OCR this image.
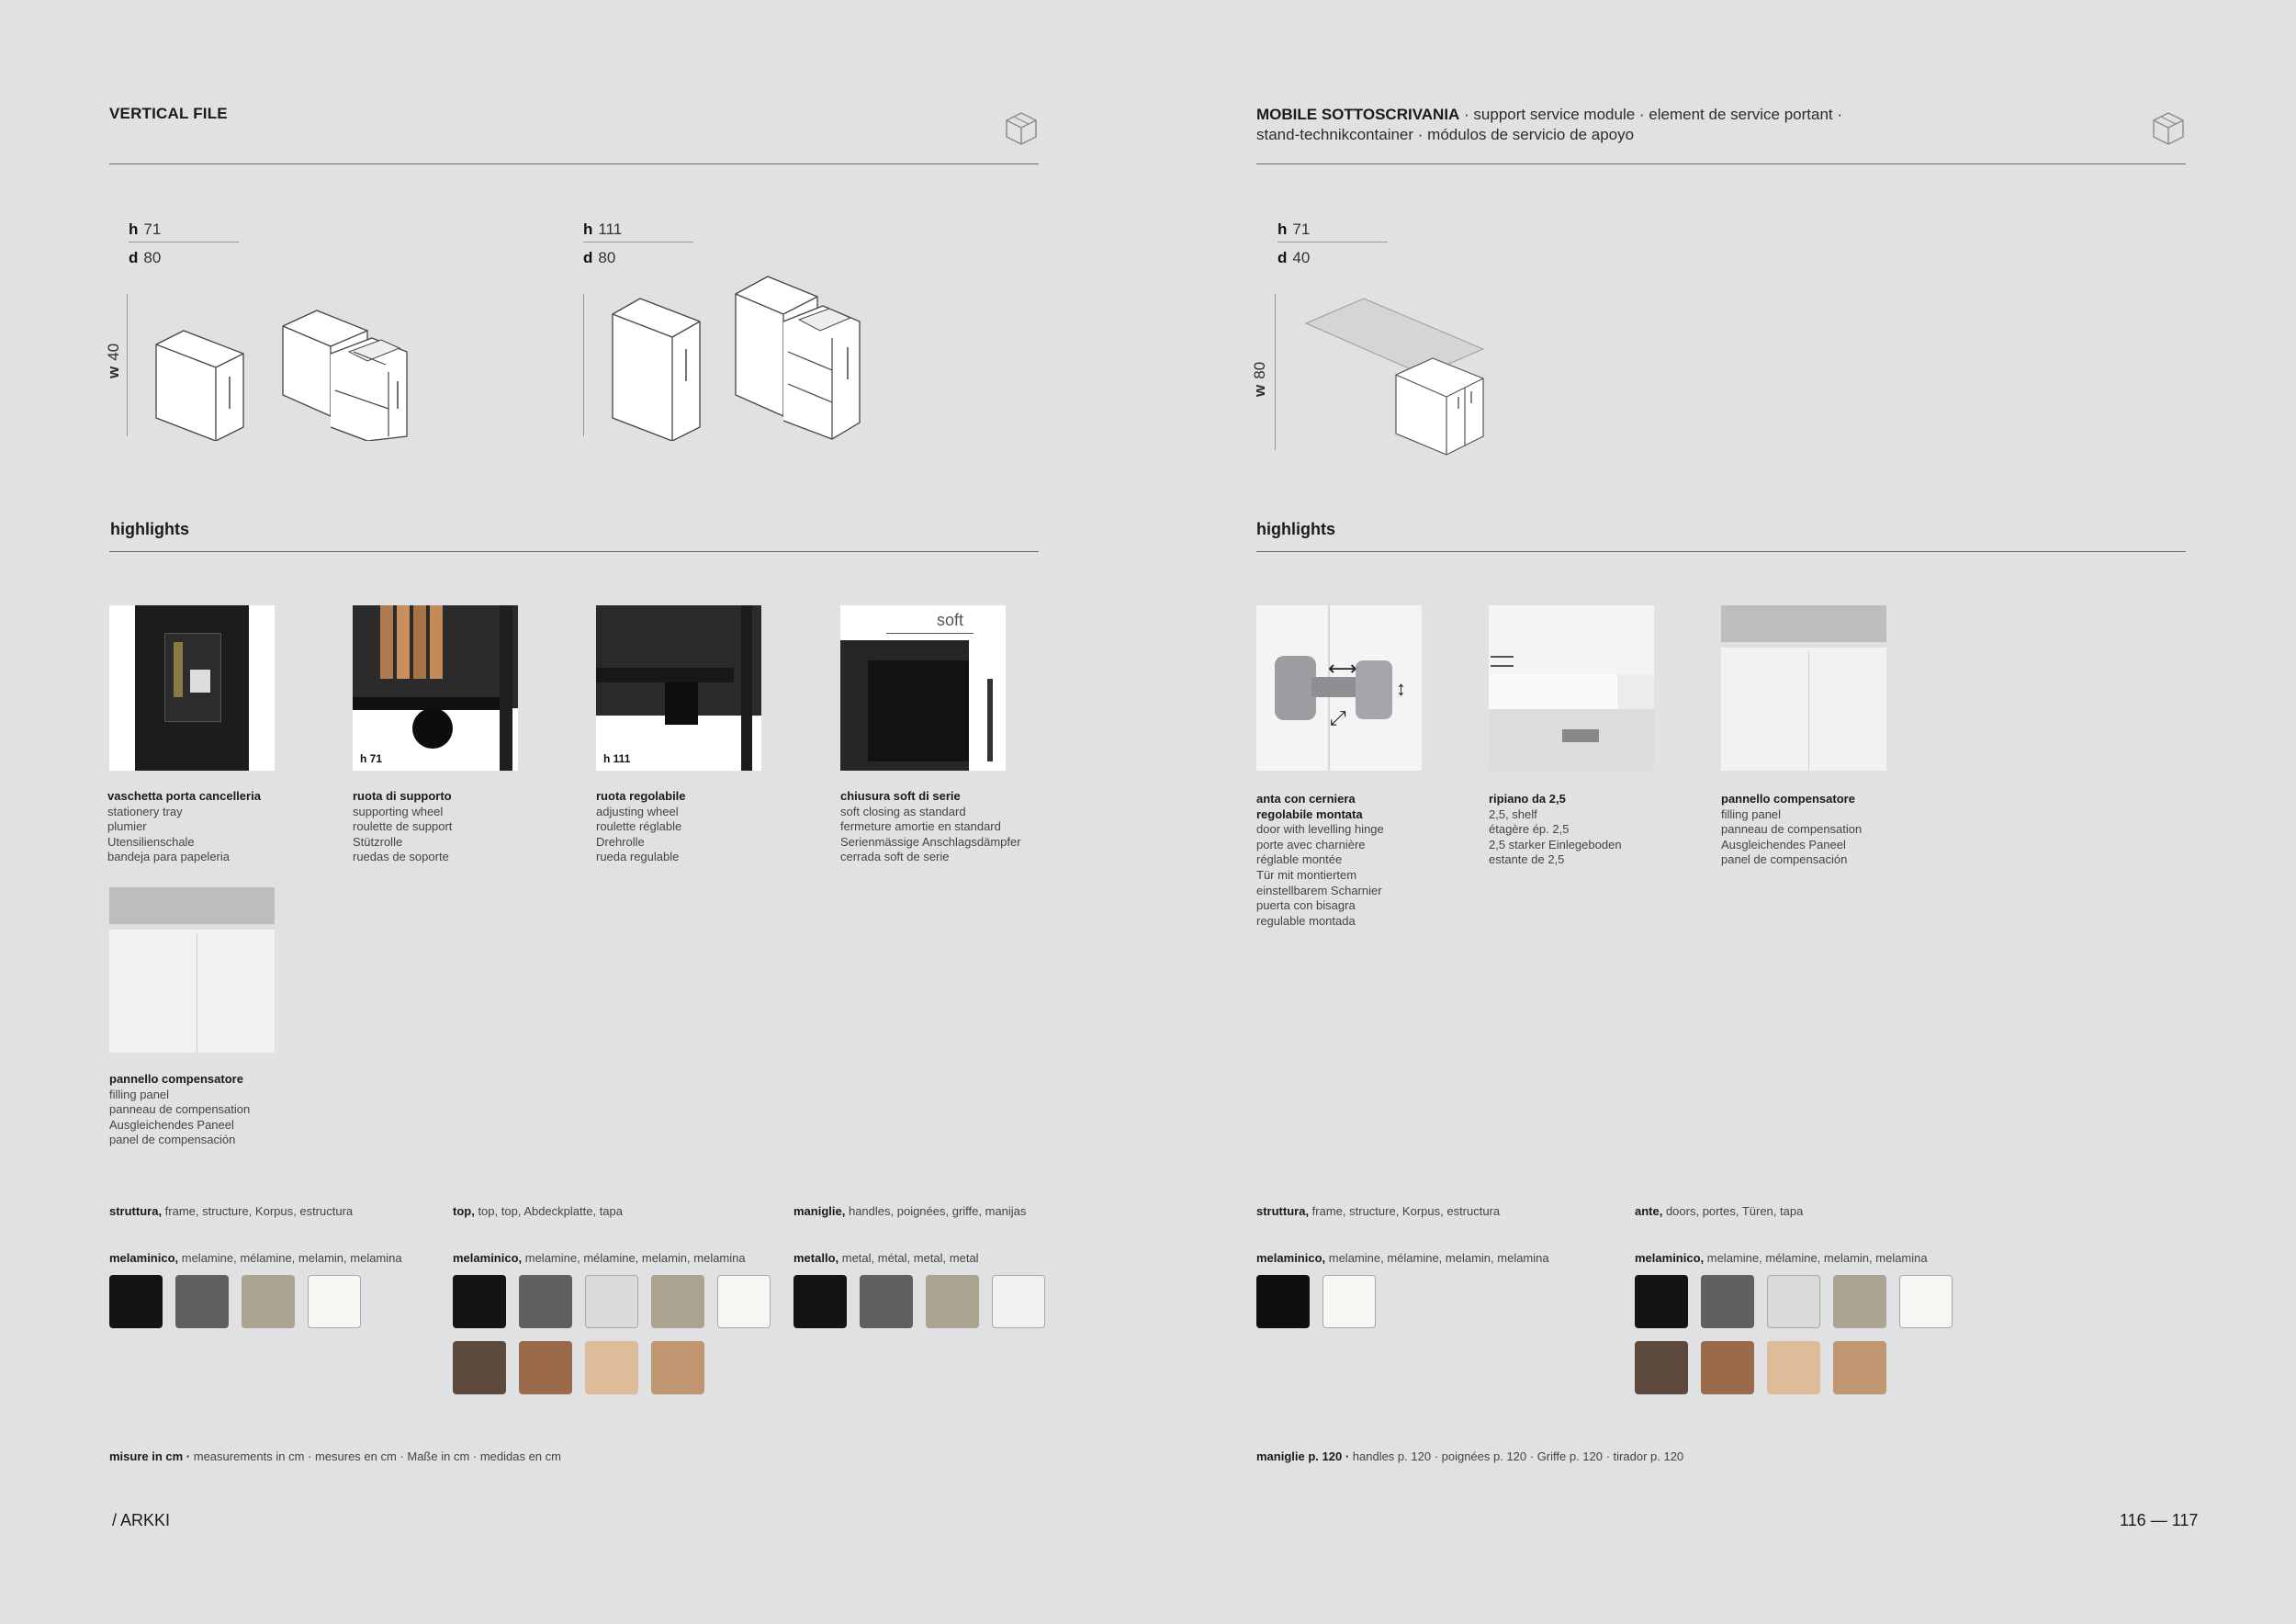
VERTICAL FILE
h 71
d 80
h 111
d 80
w40
highlights
h 71	h 111
soft
vaschetta porta cancelleria
stationery tray
plumier
Utensilienschale
bandeja para papeleria
ruota di supporto
supporting wheel
roulette de support
Stützrolle
ruedas de soporte
ruota regolabile
adjusting wheel
roulette réglable
Drehrolle
rueda regulable
chiusura soft di serie
soft closing as standard
fermeture amortie en standard
Serienmässige Anschlagsdämpfer
cerrada soft de serie
pannello compensatore
filling panel
panneau de compensation
Ausgleichendes Paneel
panel de compensación
struttura, frame, structure, Korpus, estructura
melaminico, melamine, mélamine, melamin, melamina
top, top, top, Abdeckplatte, tapa
melaminico, melamine, mélamine, melamin, melamina
maniglie, handles, poignées, griffe, manijas
metallo, metal, métal, metal, metal
misure in cm · measurements in cm · mesures en cm · Maße in cm · medidas en cm
/ ARKKI
MOBILE SOTTOSCRIVANIA · support service module · element de service portant ·
stand-technikcontainer · módulos de servicio de apoyo
h 71
d 40
w80
highlights
⟷
↕
⤢
anta con cerniera regolabile montata
door with levelling hinge
porte avec charnière
réglable montée
Tür mit montiertem
einstellbarem Scharnier
puerta con bisagra
regulable montada
ripiano da 2,5
2,5, shelf
étagère ép. 2,5
2,5 starker Einlegeboden
estante de 2,5
pannello compensatore
filling panel
panneau de compensation
Ausgleichendes Paneel
panel de compensación
struttura, frame, structure, Korpus, estructura
melaminico, melamine, mélamine, melamin, melamina
ante, doors, portes, Türen, tapa
melaminico, melamine, mélamine, melamin, melamina
maniglie p. 120 · handles p. 120 · poignées p. 120 · Griffe p. 120 · tirador p. 120
116 — 117
